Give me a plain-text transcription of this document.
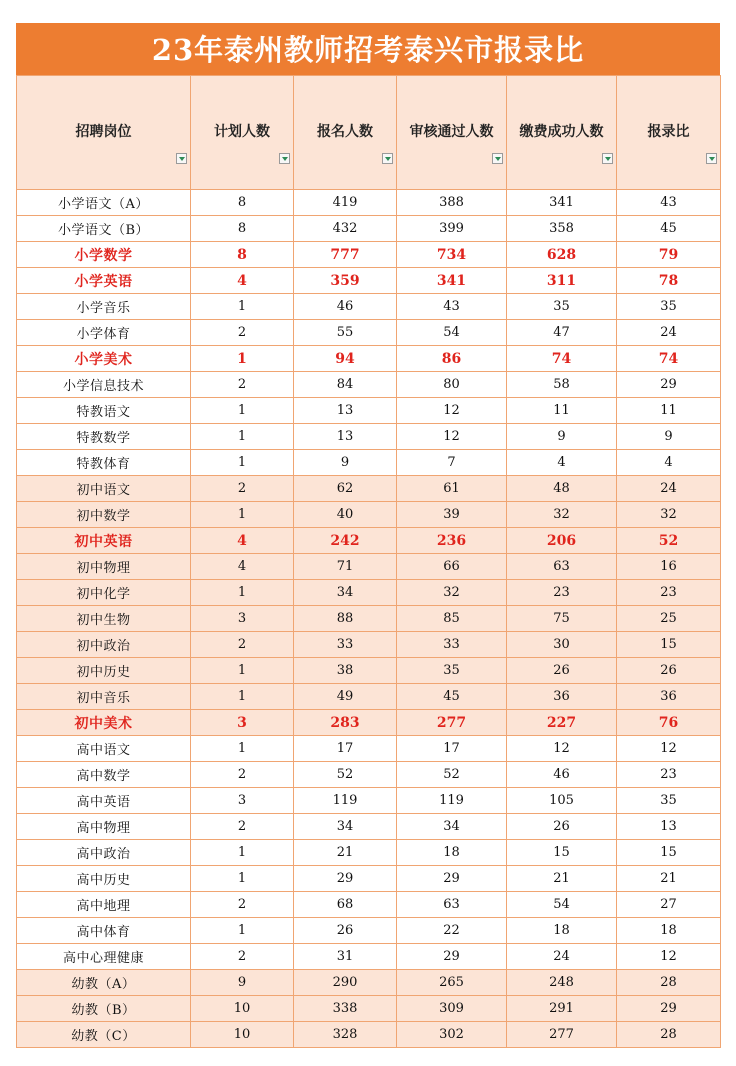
23年泰州教师招考泰兴市报录比
招聘岗位	计划人数	报名人数	审核通过人数	缴费成功人数	报录比

小学语文（A）	8	419	388	341	43
小学语文（B）	8	432	399	358	45
小学数学	8	777	734	628	79
小学英语	4	359	341	311	78
小学音乐	1	46	43	35	35
小学体育	2	55	54	47	24
小学美术	1	94	86	74	74
小学信息技术	2	84	80	58	29
特教语文	1	13	12	11	11
特教数学	1	13	12	9	9
特教体育	1	9	7	4	4
初中语文	2	62	61	48	24
初中数学	1	40	39	32	32
初中英语	4	242	236	206	52
初中物理	4	71	66	63	16
初中化学	1	34	32	23	23
初中生物	3	88	85	75	25
初中政治	2	33	33	30	15
初中历史	1	38	35	26	26
初中音乐	1	49	45	36	36
初中美术	3	283	277	227	76
高中语文	1	17	17	12	12
高中数学	2	52	52	46	23
高中英语	3	119	119	105	35
高中物理	2	34	34	26	13
高中政治	1	21	18	15	15
高中历史	1	29	29	21	21
高中地理	2	68	63	54	27
高中体育	1	26	22	18	18
高中心理健康	2	31	29	24	12
幼教（A）	9	290	265	248	28
幼教（B）	10	338	309	291	29
幼教（C）	10	328	302	277	28
